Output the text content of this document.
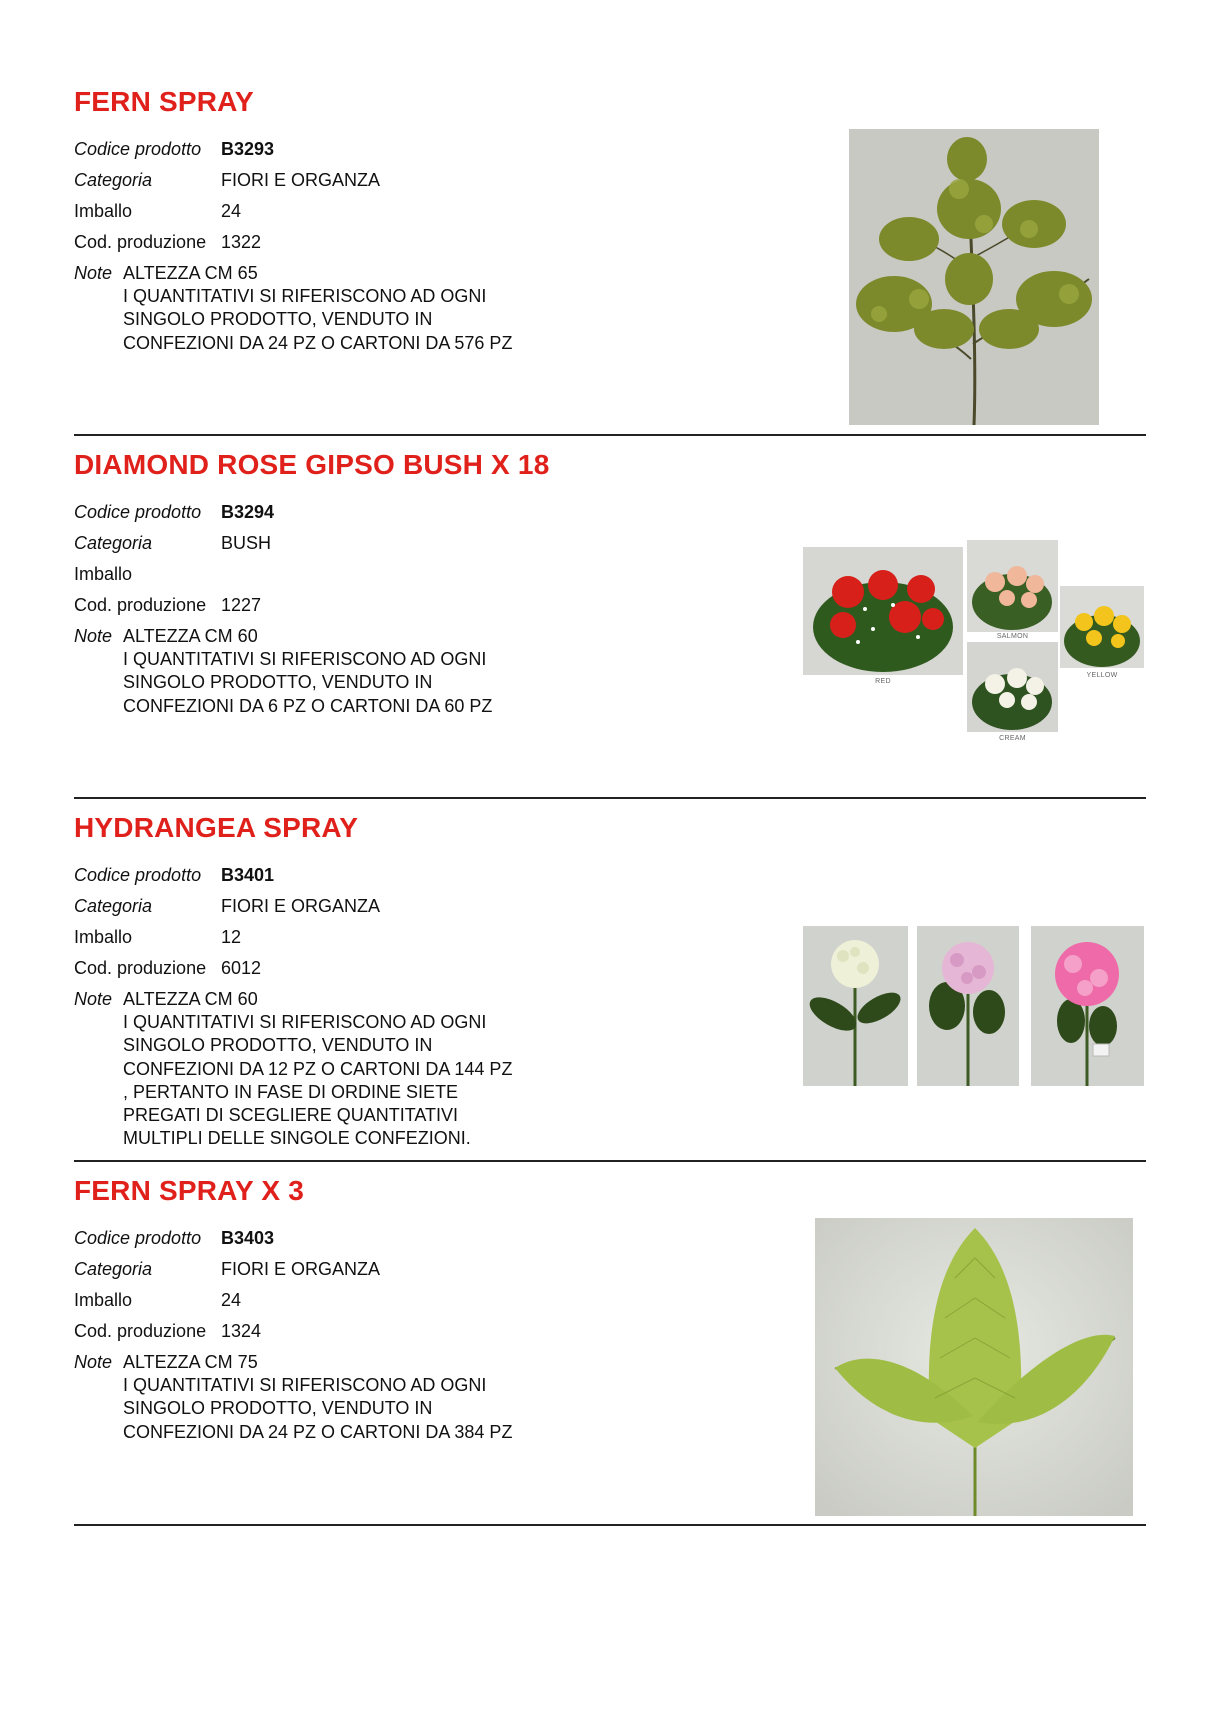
FERN SPRAY
Codice prodotto	B3293
Categoria	FIORI E ORGANZA
Imballo	24
Cod. produzione 1322
Note ALTEZZA CM 65
I QUANTITATIVI SI RIFERISCONO AD OGNI
SINGOLO PRODOTTO, VENDUTO IN
CONFEZIONI DA 24 PZ O CARTONI DA 576 PZ
DIAMOND ROSE GIPSO BUSH X 18
Codice prodotto	B3294
Categoria	BUSH
Imballo
Cod. produzione 1227
Note ALTEZZA CM 60
I QUANTITATIVI SI RIFERISCONO AD OGNI
SINGOLO PRODOTTO, VENDUTO IN
CONFEZIONI DA 6 PZ O CARTONI DA 60 PZ
RED
SALMON
YELLOW
CREAM
HYDRANGEA SPRAY
Codice prodotto	B3401
Categoria	FIORI E ORGANZA
Imballo	12
Cod. produzione 6012
Note ALTEZZA CM 60
I QUANTITATIVI SI RIFERISCONO AD OGNI
SINGOLO PRODOTTO, VENDUTO IN
CONFEZIONI DA 12 PZ O CARTONI DA 144 PZ
, PERTANTO IN FASE DI ORDINE SIETE
PREGATI DI SCEGLIERE QUANTITATIVI
MULTIPLI DELLE SINGOLE CONFEZIONI.
FERN SPRAY X 3
Codice prodotto	B3403
Categoria	FIORI E ORGANZA
Imballo	24
Cod. produzione 1324
Note ALTEZZA CM 75
I QUANTITATIVI SI RIFERISCONO AD OGNI
SINGOLO PRODOTTO, VENDUTO IN
CONFEZIONI DA 24 PZ O CARTONI DA 384 PZ
